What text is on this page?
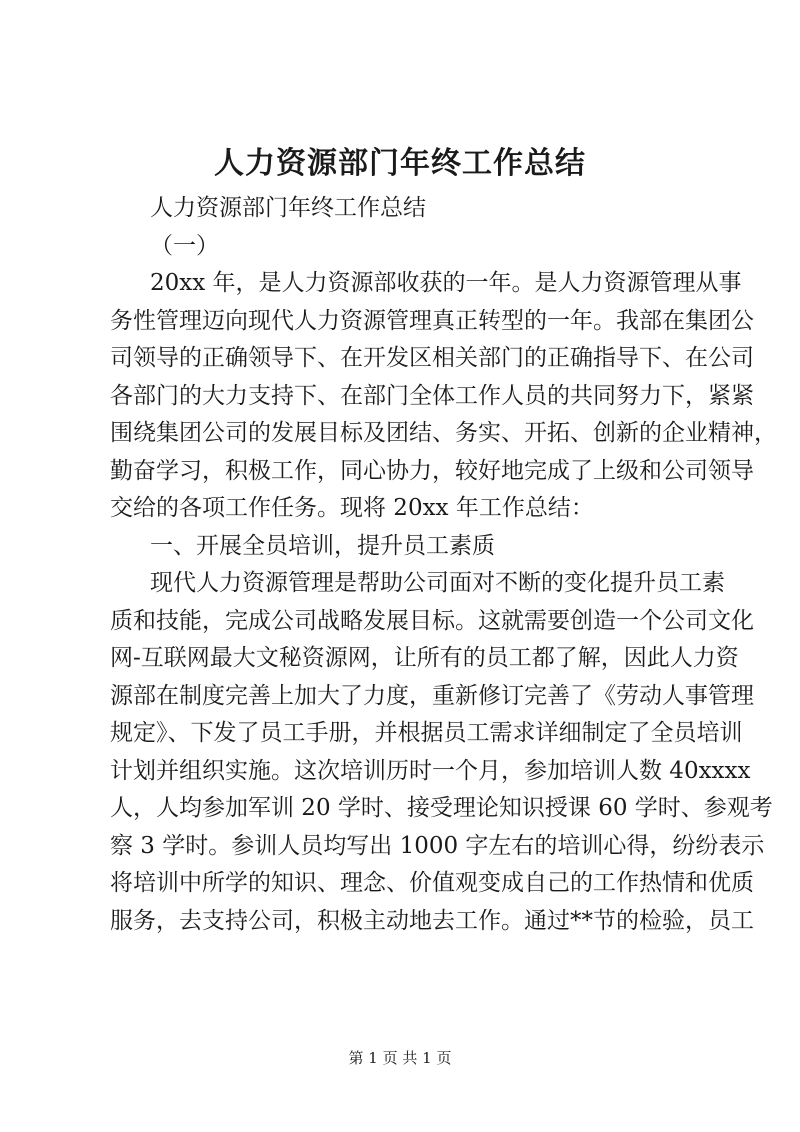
人力资源部门年终工作总结
人力资源部门年终工作总结
（一）
20xx 年，是人力资源部收获的一年。是人力资源管理从事
务性管理迈向现代人力资源管理真正转型的一年。我部在集团公
司领导的正确领导下、在开发区相关部门的正确指导下、在公司
各部门的大力支持下、在部门全体工作人员的共同努力下，紧紧
围绕集团公司的发展目标及团结、务实、开拓、创新的企业精神，
勤奋学习，积极工作，同心协力，较好地完成了上级和公司领导
交给的各项工作任务。现将 20xx 年工作总结：
一、开展全员培训，提升员工素质
现代人力资源管理是帮助公司面对不断的变化提升员工素
质和技能，完成公司战略发展目标。这就需要创造一个公司文化
网-互联网最大文秘资源网，让所有的员工都了解，因此人力资
源部在制度完善上加大了力度，重新修订完善了《劳动人事管理
规定》、下发了员工手册，并根据员工需求详细制定了全员培训
计划并组织实施。这次培训历时一个月，参加培训人数 40xxxx
人，人均参加军训 20 学时、接受理论知识授课 60 学时、参观考
察 3 学时。参训人员均写出 1000 字左右的培训心得，纷纷表示
将培训中所学的知识、理念、价值观变成自己的工作热情和优质
服务，去支持公司，积极主动地去工作。通过**节的检验，员工
第 1 页 共 1 页
